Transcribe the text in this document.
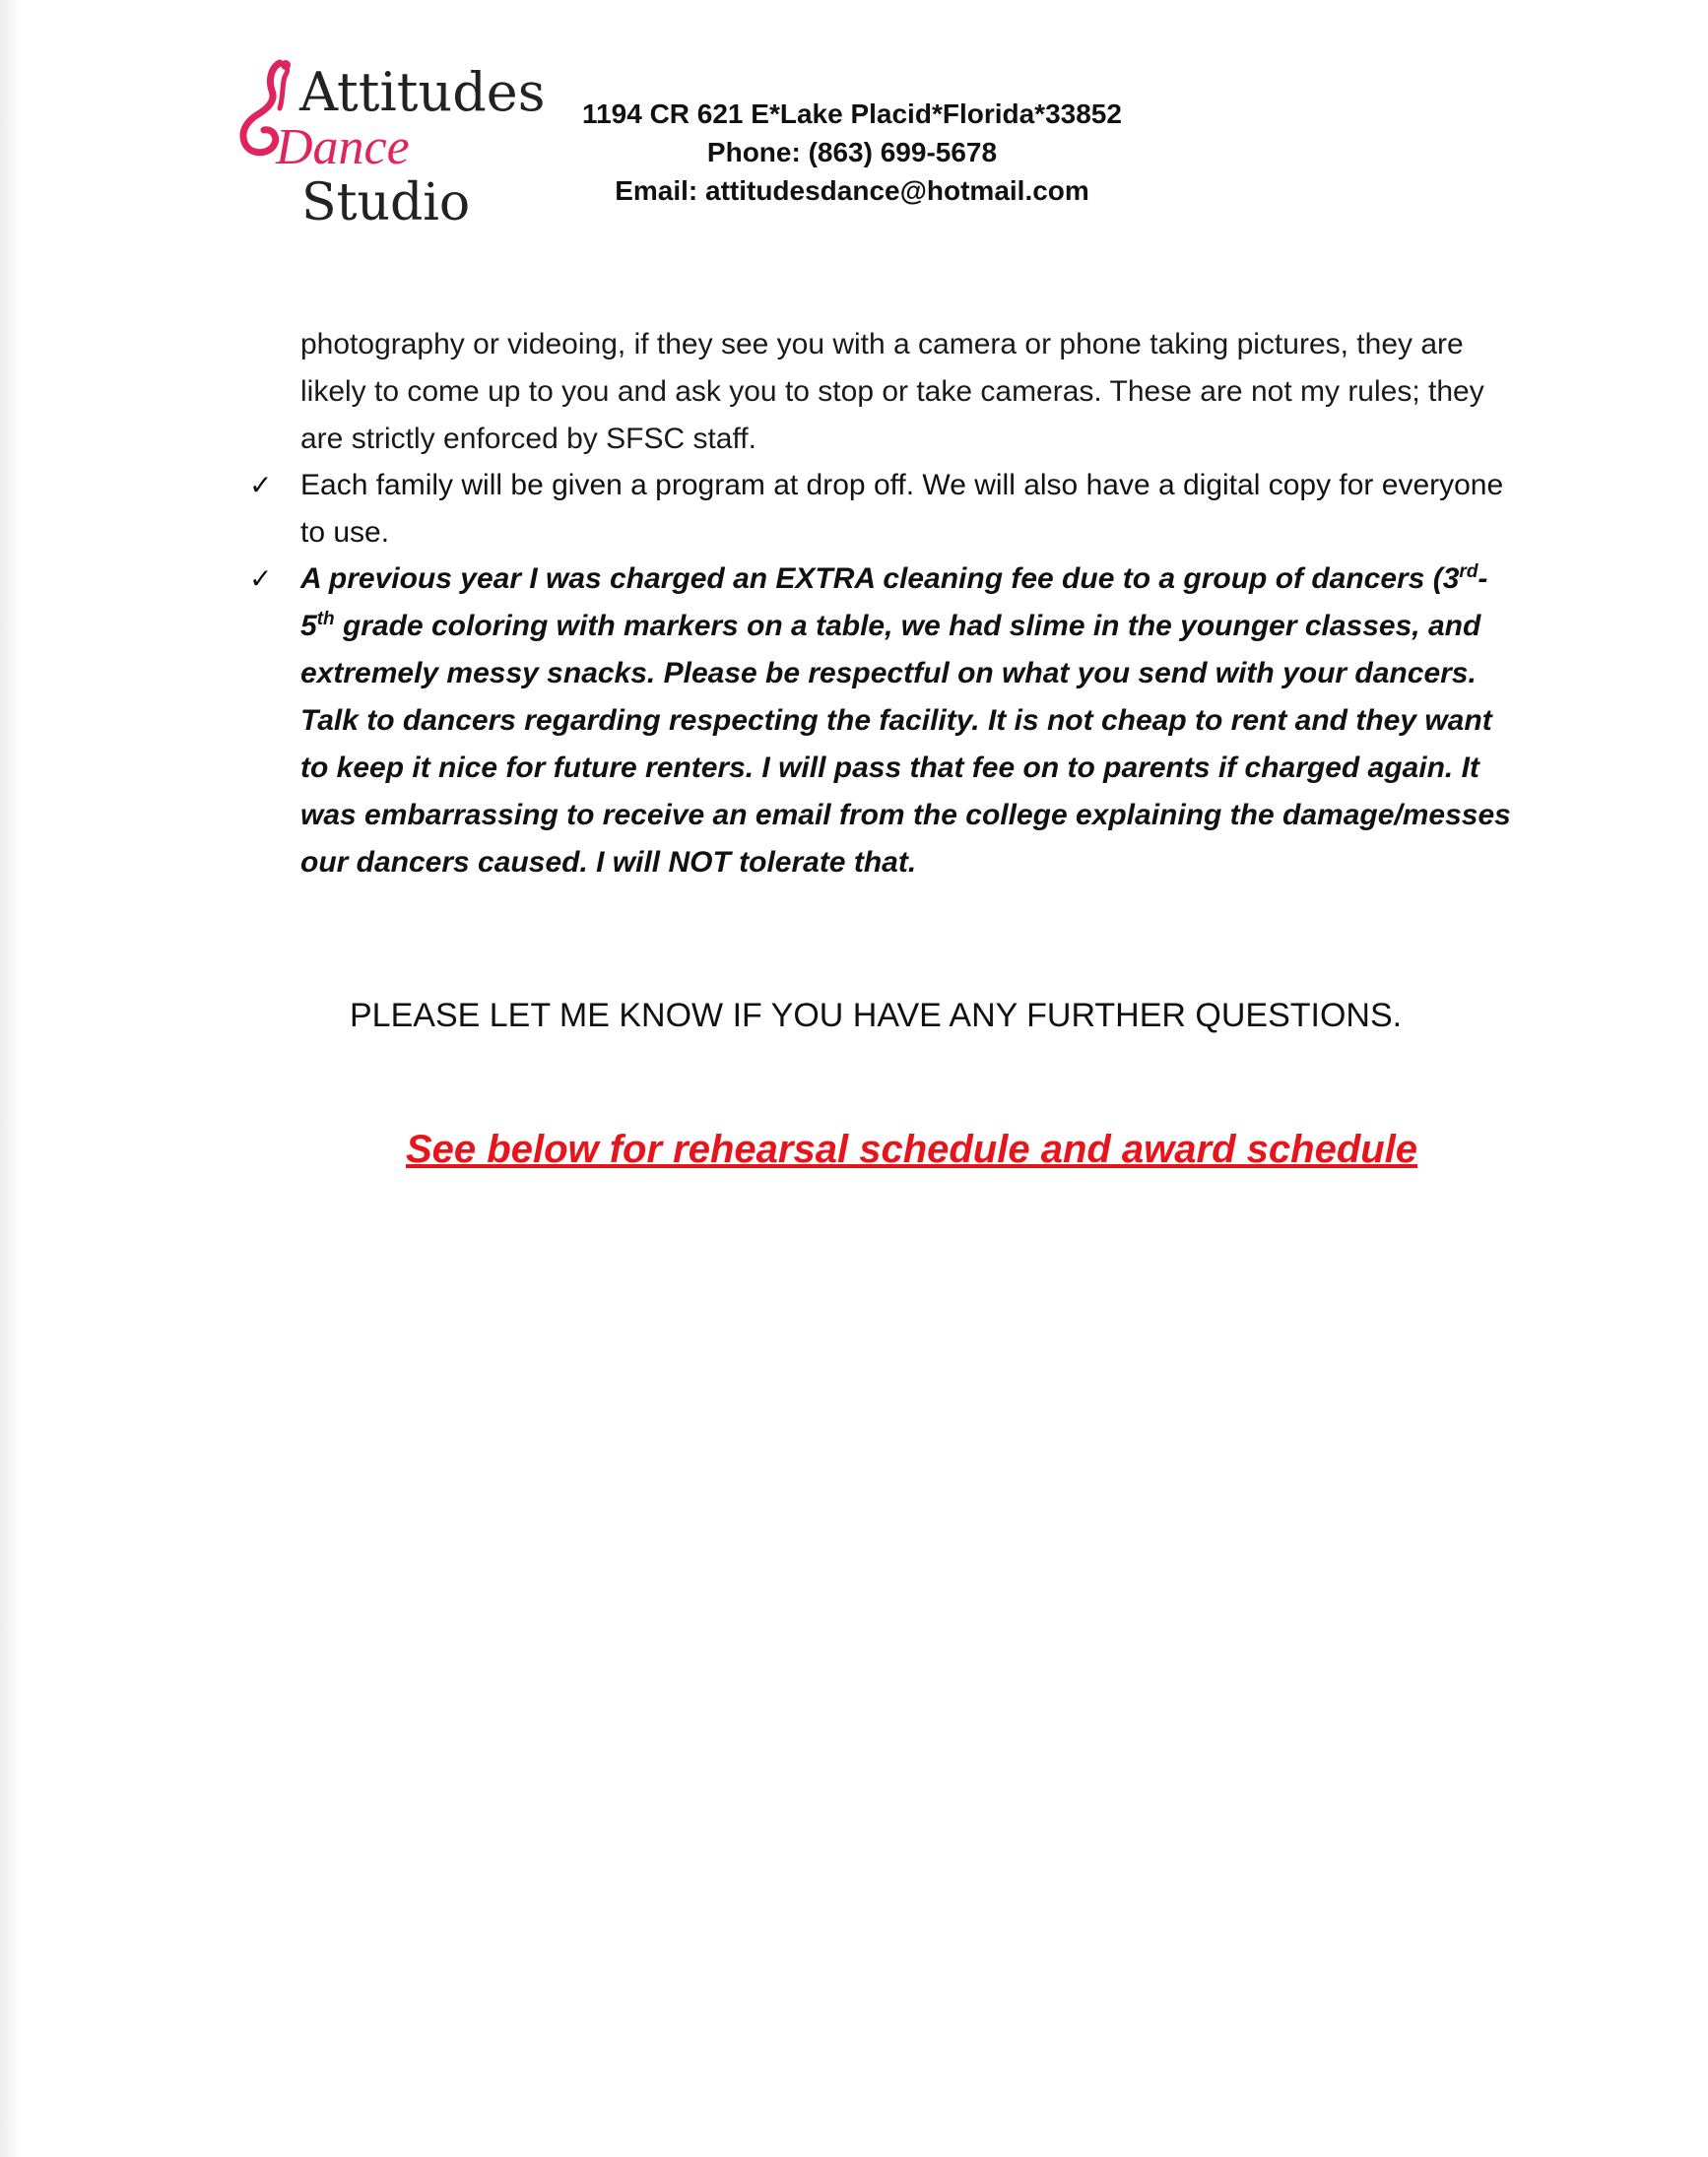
Attitudes
Dance
Studio
1194 CR 621 E*Lake Placid*Florida*33852
Phone: (863) 699-5678
Email: attitudesdance@hotmail.com
photography or videoing, if they see you with a camera or phone taking pictures, they are likely to come up to you and ask you to stop or take cameras. These are not my rules; they are strictly enforced by SFSC staff.
✓ Each family will be given a program at drop off. We will also have a digital copy for everyone to use.
✓ A previous year I was charged an EXTRA cleaning fee due to a group of dancers (3rd-5th grade coloring with markers on a table, we had slime in the younger classes, and extremely messy snacks. Please be respectful on what you send with your dancers. Talk to dancers regarding respecting the facility. It is not cheap to rent and they want to keep it nice for future renters. I will pass that fee on to parents if charged again. It was embarrassing to receive an email from the college explaining the damage/messes our dancers caused. I will NOT tolerate that.
PLEASE LET ME KNOW IF YOU HAVE ANY FURTHER QUESTIONS.
See below for rehearsal schedule and award schedule
